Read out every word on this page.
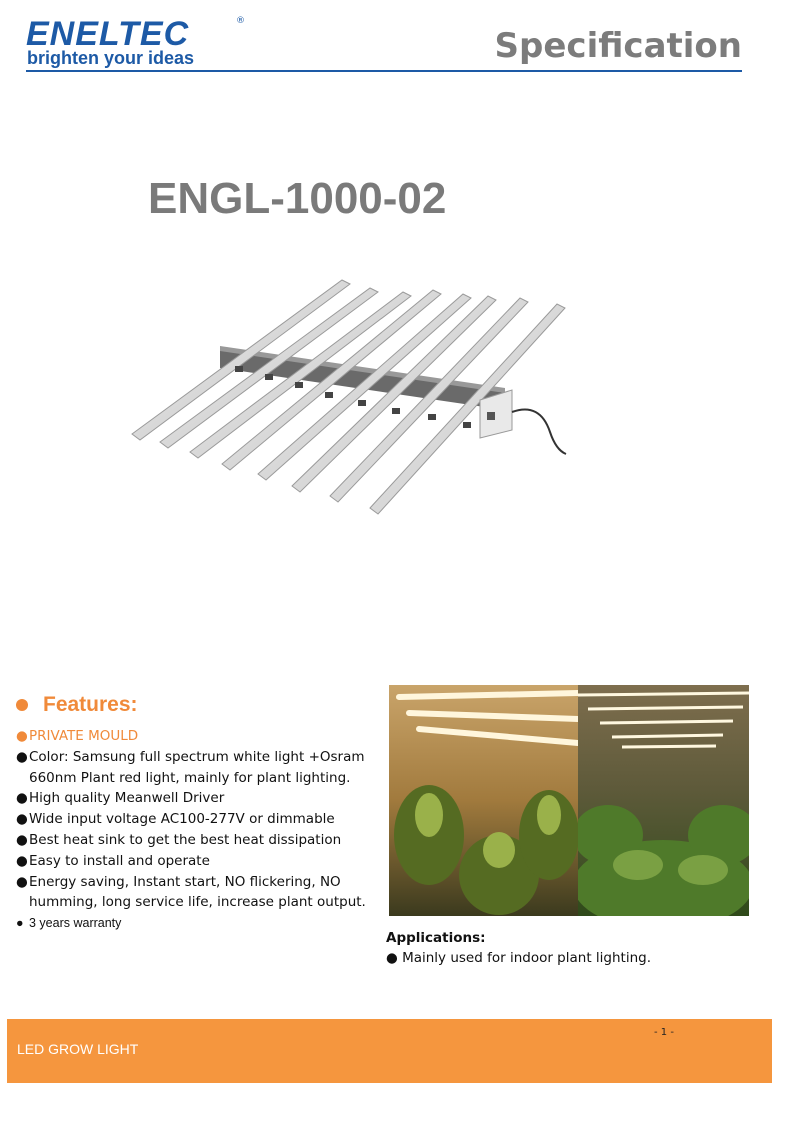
ENELTEC	®
brighten your ideas	Specification
ENGL-1000-02
Features:
● PRIVATE MOULD
● Color: Samsung full spectrum white light +Osram 660nm Plant red light, mainly for plant lighting.
● High quality Meanwell Driver
● Wide input voltage AC100-277V or dimmable
● Best heat sink to get the best heat dissipation
● Easy to install and operate
● Energy saving, Instant start, NO flickering, NO humming, long service life, increase plant output.
● 3 years warranty
Applications:
● Mainly used for indoor plant lighting.
- 1 -
LED GROW LIGHT
